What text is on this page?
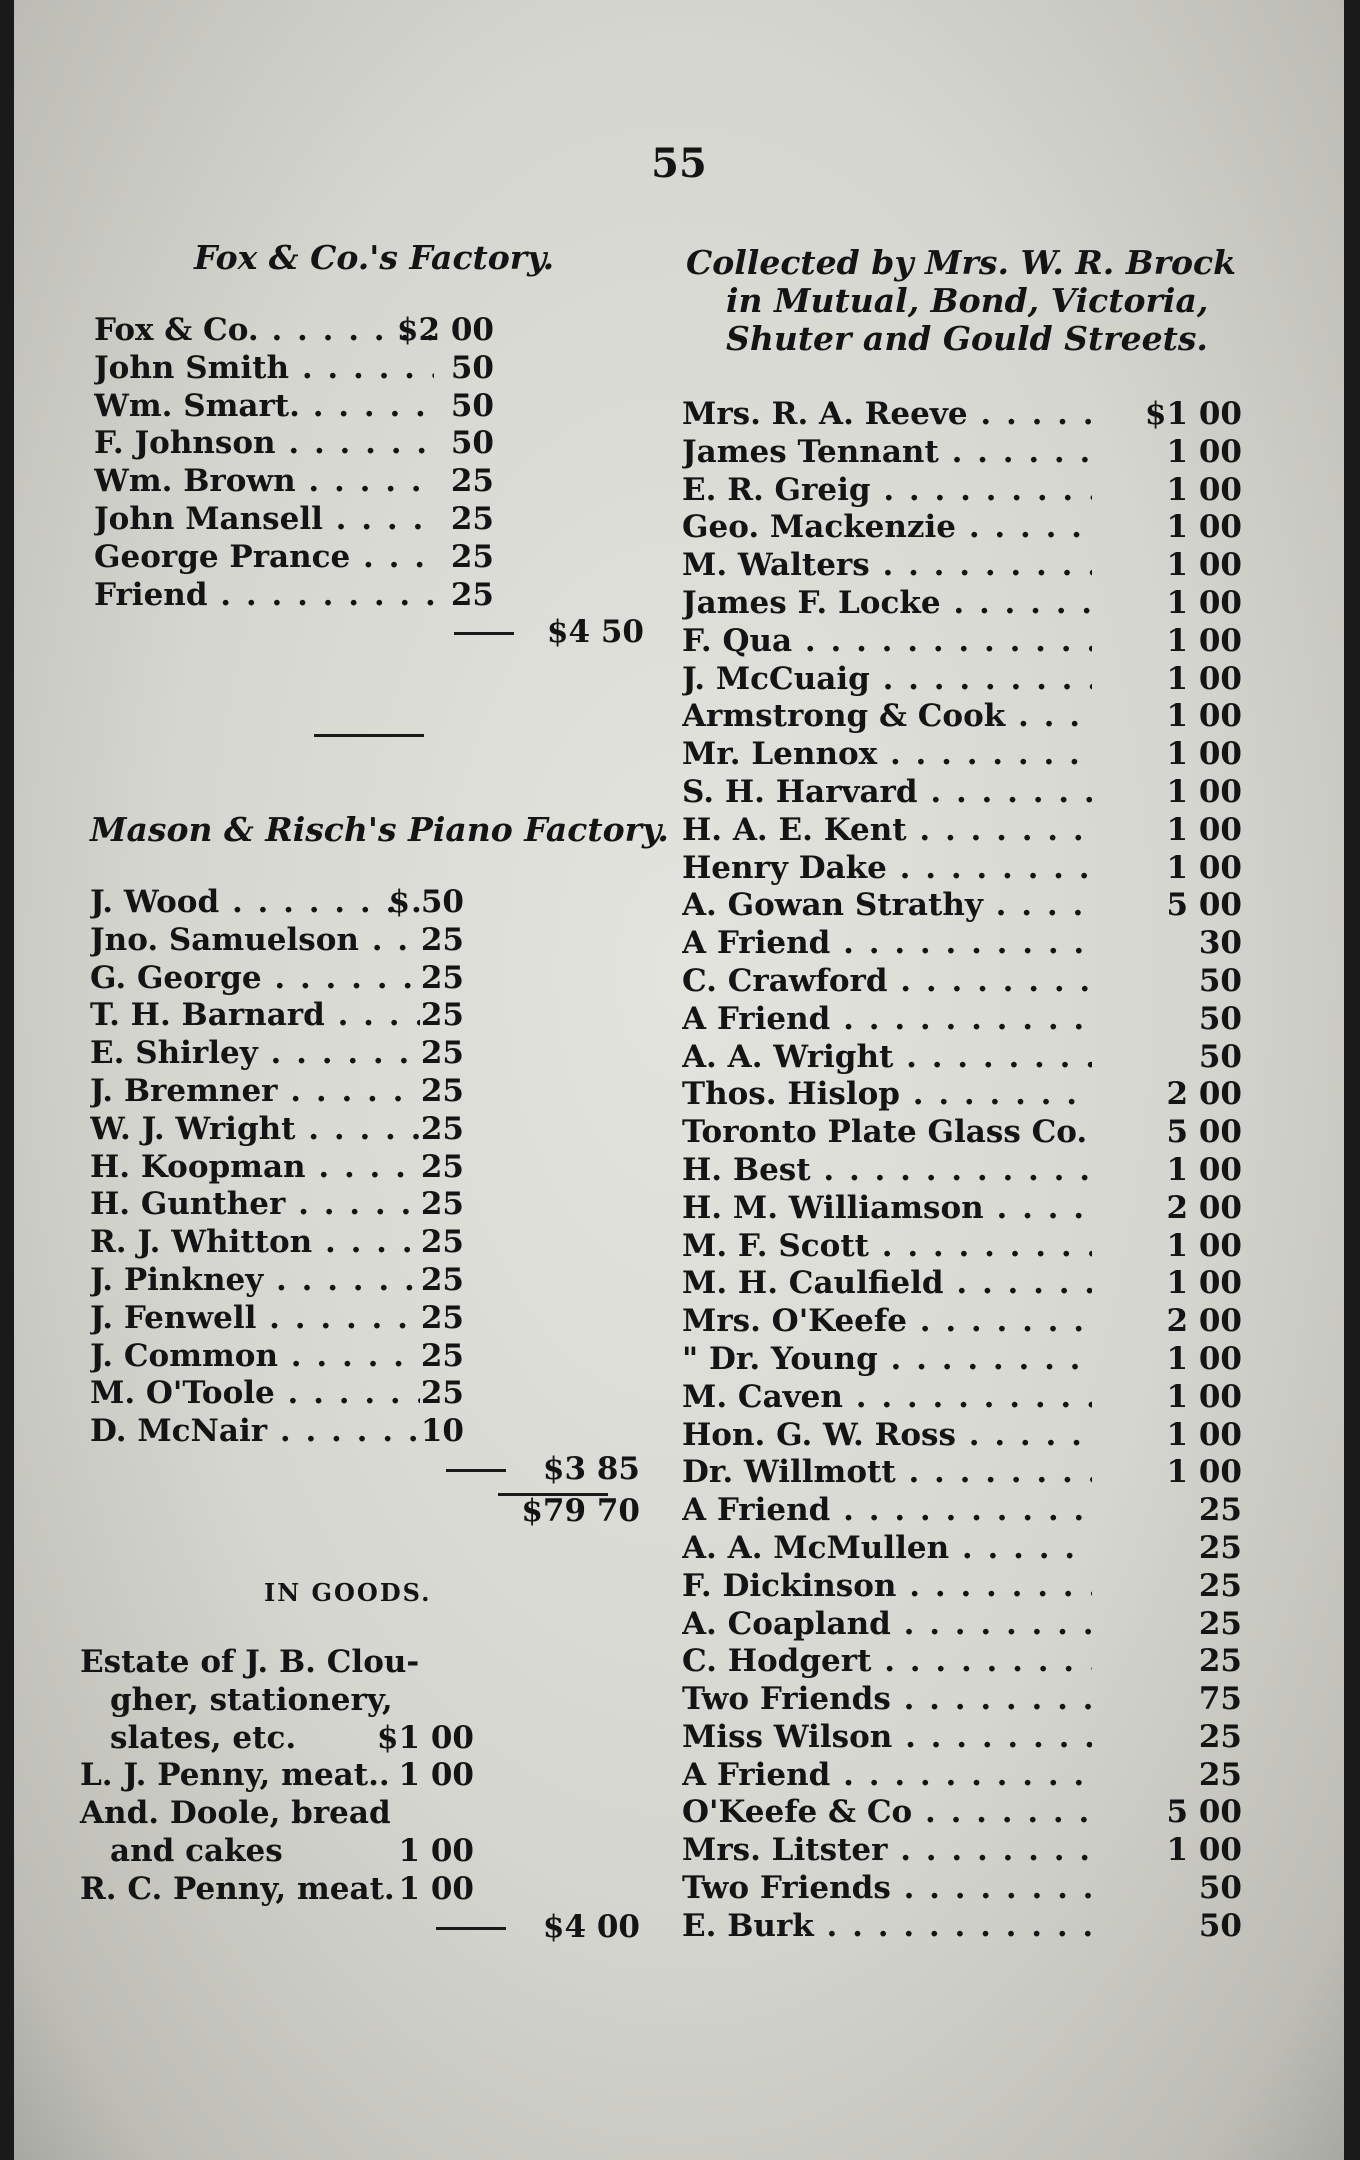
55
Fox & Co.'s Factory.
Fox & Co. . . .	$2 00
John Smith . . .	50
Wm. Smart. . . .	50
F. Johnson . . .	50
Wm. Brown . . .	25
John Mansell . . .	25
George Prance . . .	25
Friend . . .	25
$4 50
Mason & Risch's Piano Factory.
J. Wood . . .	$ 50
Jno. Samuelson . . .	25
G. George . . .	25
T. H. Barnard . . .	25
E. Shirley . . .	25
J. Bremner . . .	25
W. J. Wright . . .	25
H. Koopman . . .	25
H. Gunther . . .	25
R. J. Whitton . . .	25
J. Pinkney . . .	25
J. Fenwell . . .	25
J. Common . . .	25
M. O'Toole . . .	25
D. McNair . . .	10
$3 85
$79 70
IN GOODS.
Estate of J. B. Clou-
gher, stationery,
slates, etc.	$1 00
L. J. Penny, meat.. 1 00
And. Doole, bread
and cakes	1 00
R. C. Penny, meat. 1 00
$4 00
Collected by Mrs. W. R. Brock
in Mutual, Bond, Victoria,
Shuter and Gould Streets.
Mrs. R. A. Reeve . . .	$1 00
James Tennant . . .	1 00
E. R. Greig . . .	1 00
Geo. Mackenzie . . .	1 00
M. Walters . . .	1 00
James F. Locke . . .	1 00
F. Qua . . .	1 00
J. McCuaig . . .	1 00
Armstrong & Cook . . .	1 00
Mr. Lennox . . .	1 00
S. H. Harvard . . .	1 00
H. A. E. Kent . . .	1 00
Henry Dake . . .	1 00
A. Gowan Strathy . . .	5 00
A Friend . . .	30
C. Crawford . . .	50
A Friend . . .	50
A. A. Wright . . .	50
Thos. Hislop . . .	2 00
Toronto Plate Glass Co. . . .	5 00
H. Best . . .	1 00
H. M. Williamson . . .	2 00
M. F. Scott . . .	1 00
M. H. Caulfield . . .	1 00
Mrs. O'Keefe . . .	2 00
" Dr. Young . . .	1 00
M. Caven . . .	1 00
Hon. G. W. Ross . . .	1 00
Dr. Willmott . . .	1 00
A Friend . . .	25
A. A. McMullen . . .	25
F. Dickinson . . .	25
A. Coapland . . .	25
C. Hodgert . . .	25
Two Friends . . .	75
Miss Wilson . . .	25
A Friend . . .	25
O'Keefe & Co . . .	5 00
Mrs. Litster . . .	1 00
Two Friends . . .	50
E. Burk . . .	50
